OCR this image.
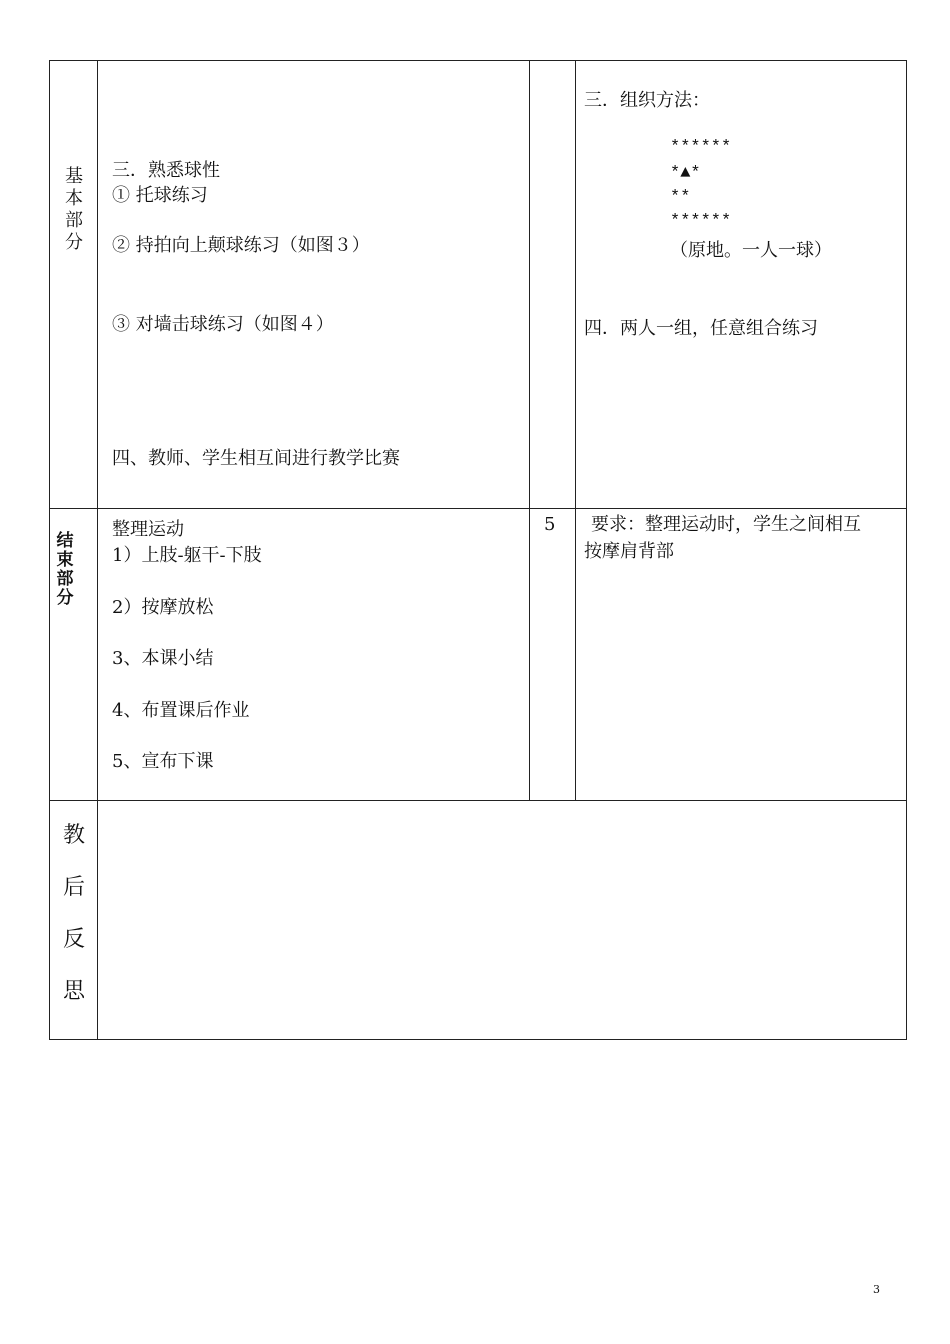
基
本
部
分
三．熟悉球性
① 托球练习
② 持拍向上颠球练习（如图３）
③ 对墙击球练习（如图４）
四、教师、学生相互间进行教学比赛
三．组织方法：
******
*▲*
**
******
（原地。一人一球）
四．两人一组，任意组合练习
结
束
部
分
整理运动
1）上肢-躯干-下肢
2）按摩放松
3、本课小结
4、布置课后作业
5、宣布下课
5 要求：整理运动时，学生之间相互
按摩肩背部
教
后
反
思
3
